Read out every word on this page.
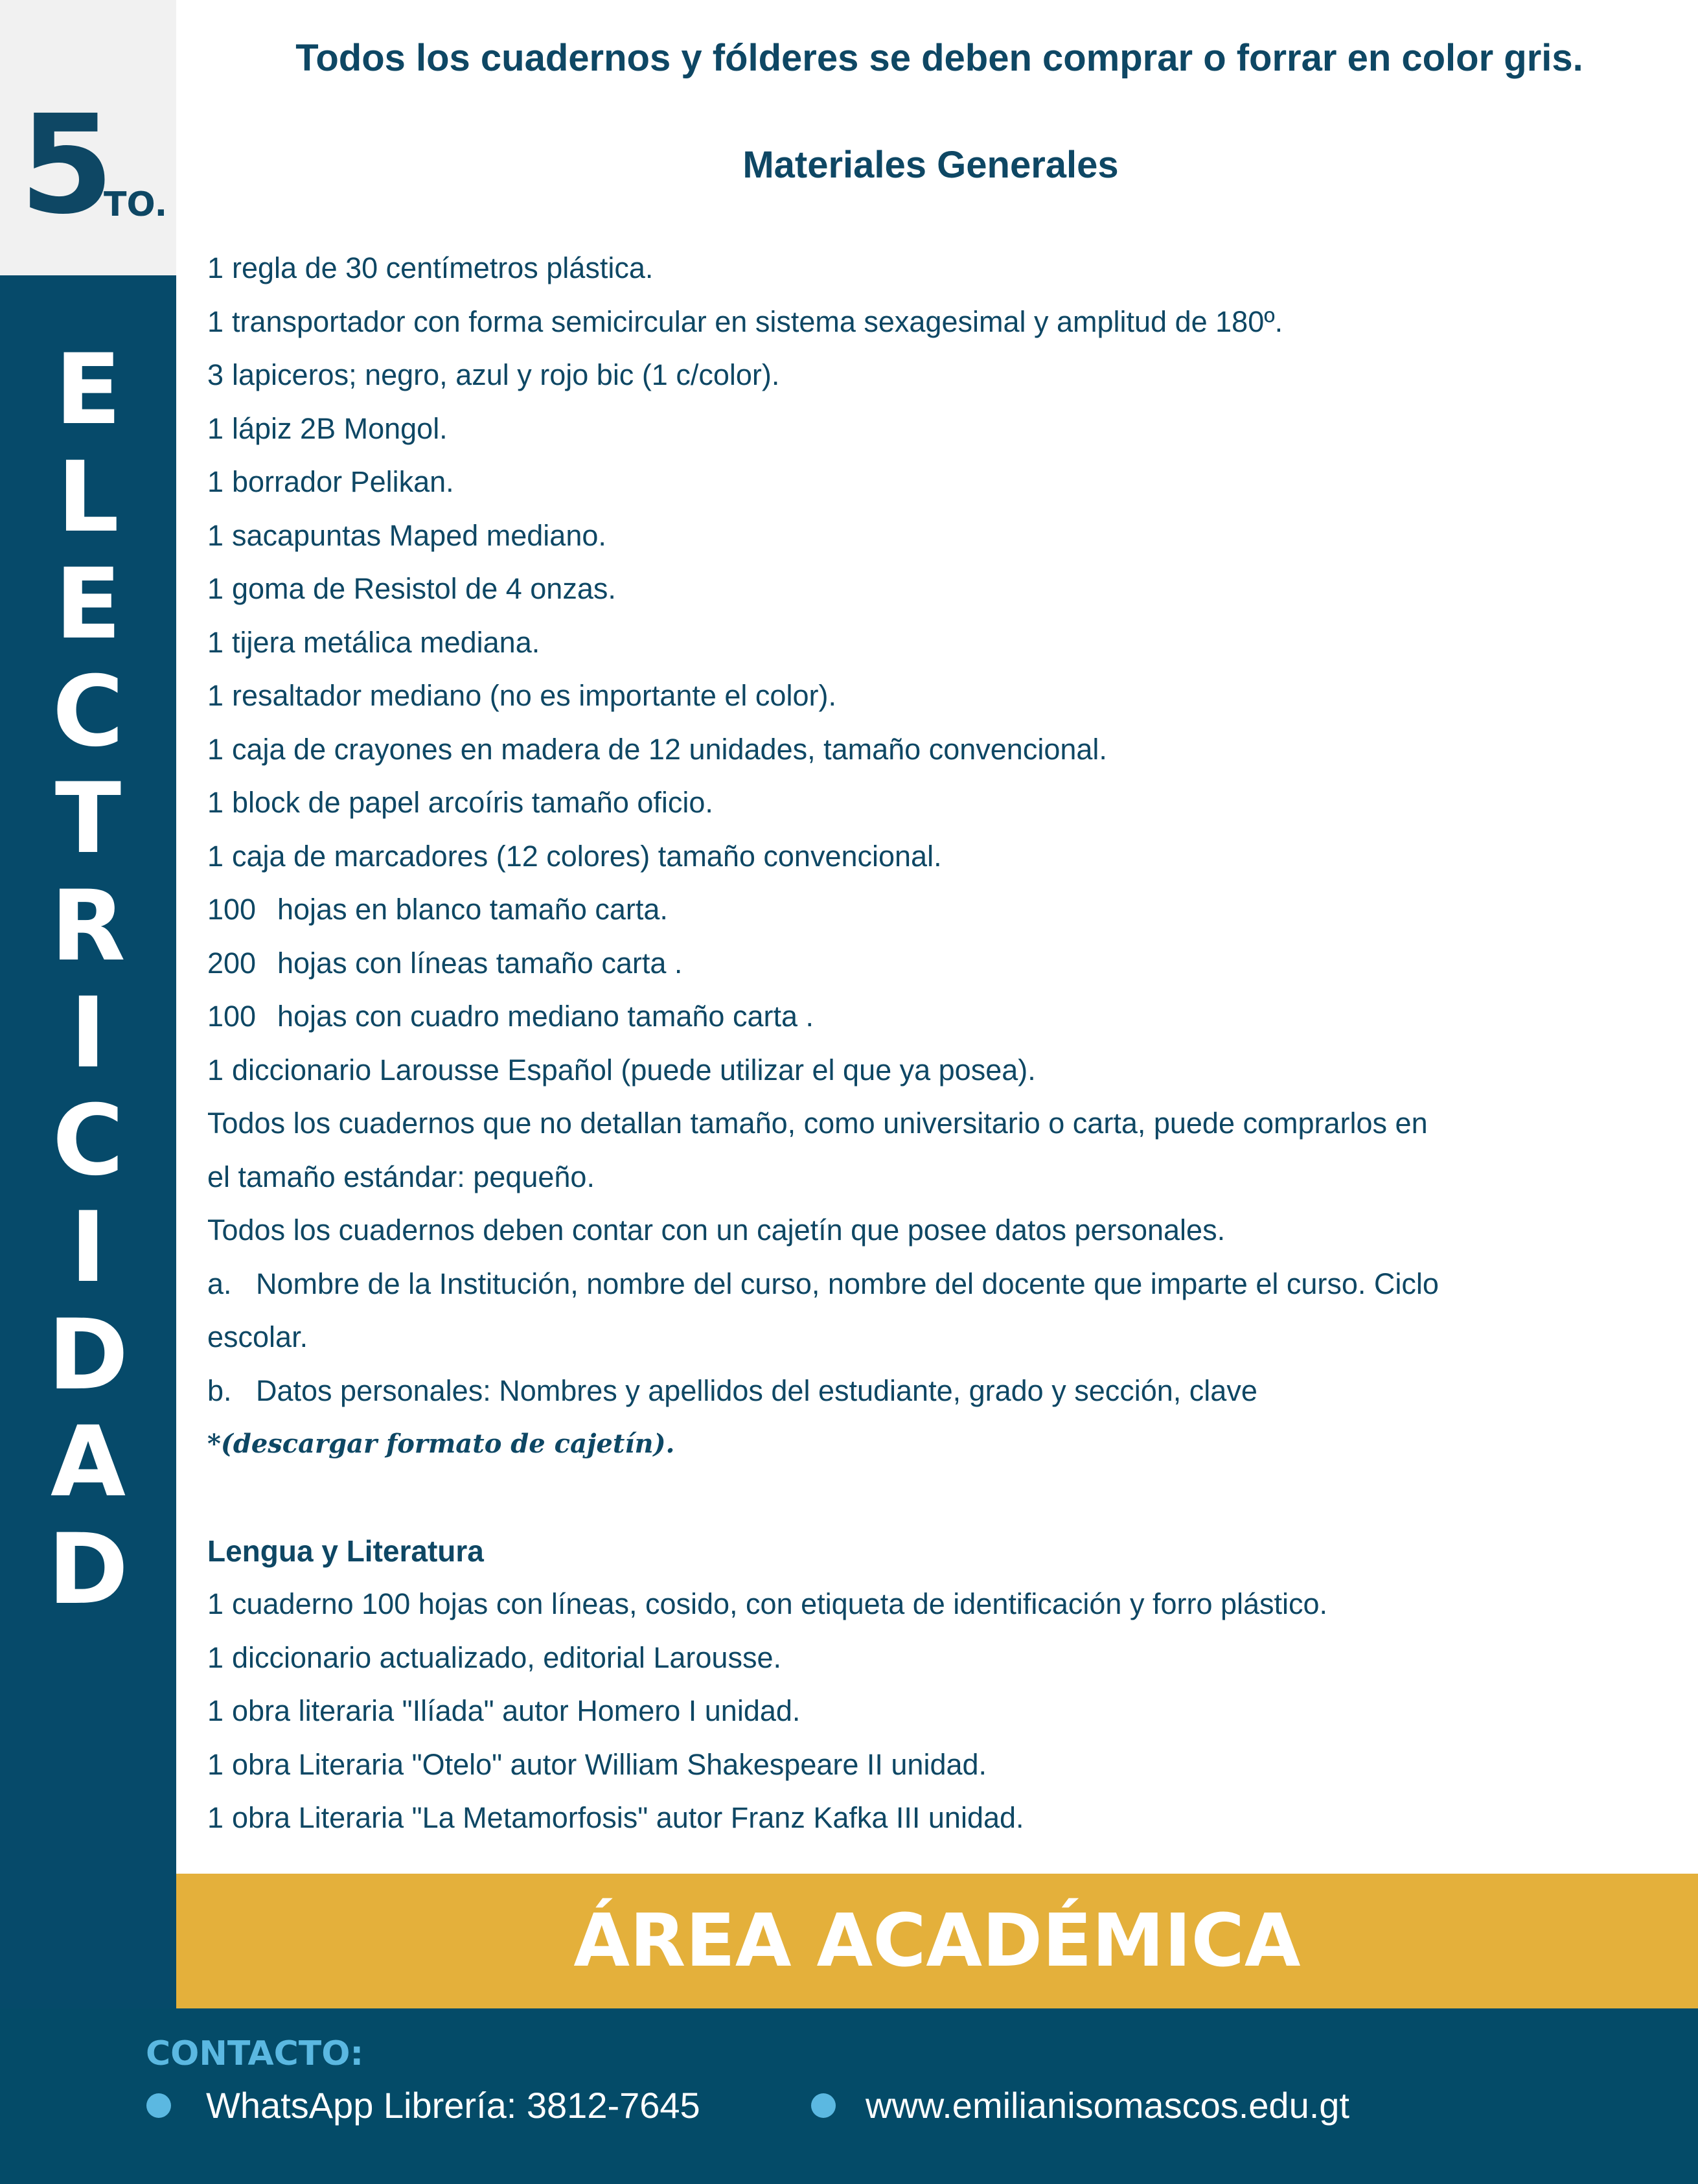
5
TO.
E
L
E
C
T
R
I
C
I
D
A
D
Todos los cuadernos y fólderes se deben comprar o forrar en color gris.
Materiales Generales
1 regla de 30 centímetros plástica.
1 transportador con forma semicircular en sistema sexagesimal y amplitud de 180º.
3 lapiceros; negro, azul y rojo bic (1 c/color).
1 lápiz 2B Mongol.
1 borrador Pelikan.
1 sacapuntas Maped mediano.
1 goma de Resistol de 4 onzas.
1 tijera metálica mediana.
1 resaltador mediano (no es importante el color).
1 caja de crayones en madera de 12 unidades, tamaño convencional.
1 block de papel arcoíris tamaño oficio.
1 caja de marcadores (12 colores) tamaño convencional.
100 hojas en blanco tamaño carta.
200 hojas con líneas tamaño carta .
100 hojas con cuadro mediano tamaño carta .
1 diccionario Larousse Español (puede utilizar el que ya posea).
Todos los cuadernos que no detallan tamaño, como universitario o carta, puede comprarlos en
el tamaño estándar: pequeño.
Todos los cuadernos deben contar con un cajetín que posee datos personales.
a. Nombre de la Institución, nombre del curso, nombre del docente que imparte el curso. Ciclo
escolar.
b. Datos personales: Nombres y apellidos del estudiante, grado y sección, clave
*(descargar formato de cajetín).
Lengua y Literatura
1 cuaderno 100 hojas con líneas, cosido, con etiqueta de identificación y forro plástico.
1 diccionario actualizado, editorial Larousse.
1 obra literaria "Ilíada" autor Homero I unidad.
1 obra Literaria "Otelo" autor William Shakespeare II unidad.
1 obra Literaria "La Metamorfosis" autor Franz Kafka III unidad.
ÁREA ACADÉMICA
CONTACTO:
WhatsApp Librería: 3812-7645	www.emilianisomascos.edu.gt
